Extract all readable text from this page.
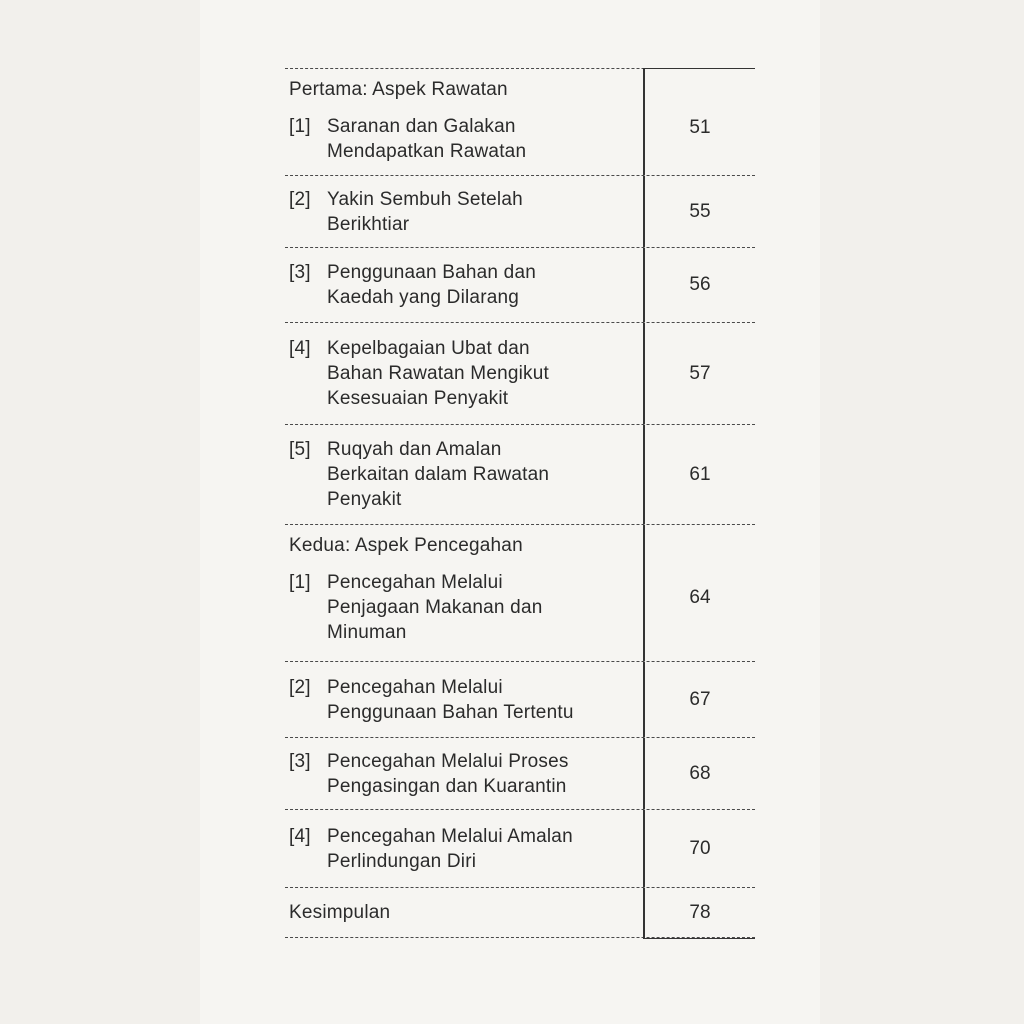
Pertama: Aspek Rawatan
[1] Saranan dan Galakan
Mendapatkan Rawatan
51
[2] Yakin Sembuh Setelah
Berikhtiar
55
[3] Penggunaan Bahan dan
Kaedah yang Dilarang
56
[4] Kepelbagaian Ubat dan
Bahan Rawatan Mengikut
Kesesuaian Penyakit
57
[5] Ruqyah dan Amalan
Berkaitan dalam Rawatan
Penyakit
61
Kedua: Aspek Pencegahan
[1] Pencegahan Melalui
Penjagaan Makanan dan
Minuman
64
[2] Pencegahan Melalui
Penggunaan Bahan Tertentu
67
[3] Pencegahan Melalui Proses
Pengasingan dan Kuarantin
68
[4] Pencegahan Melalui Amalan
Perlindungan Diri
70
Kesimpulan	78
